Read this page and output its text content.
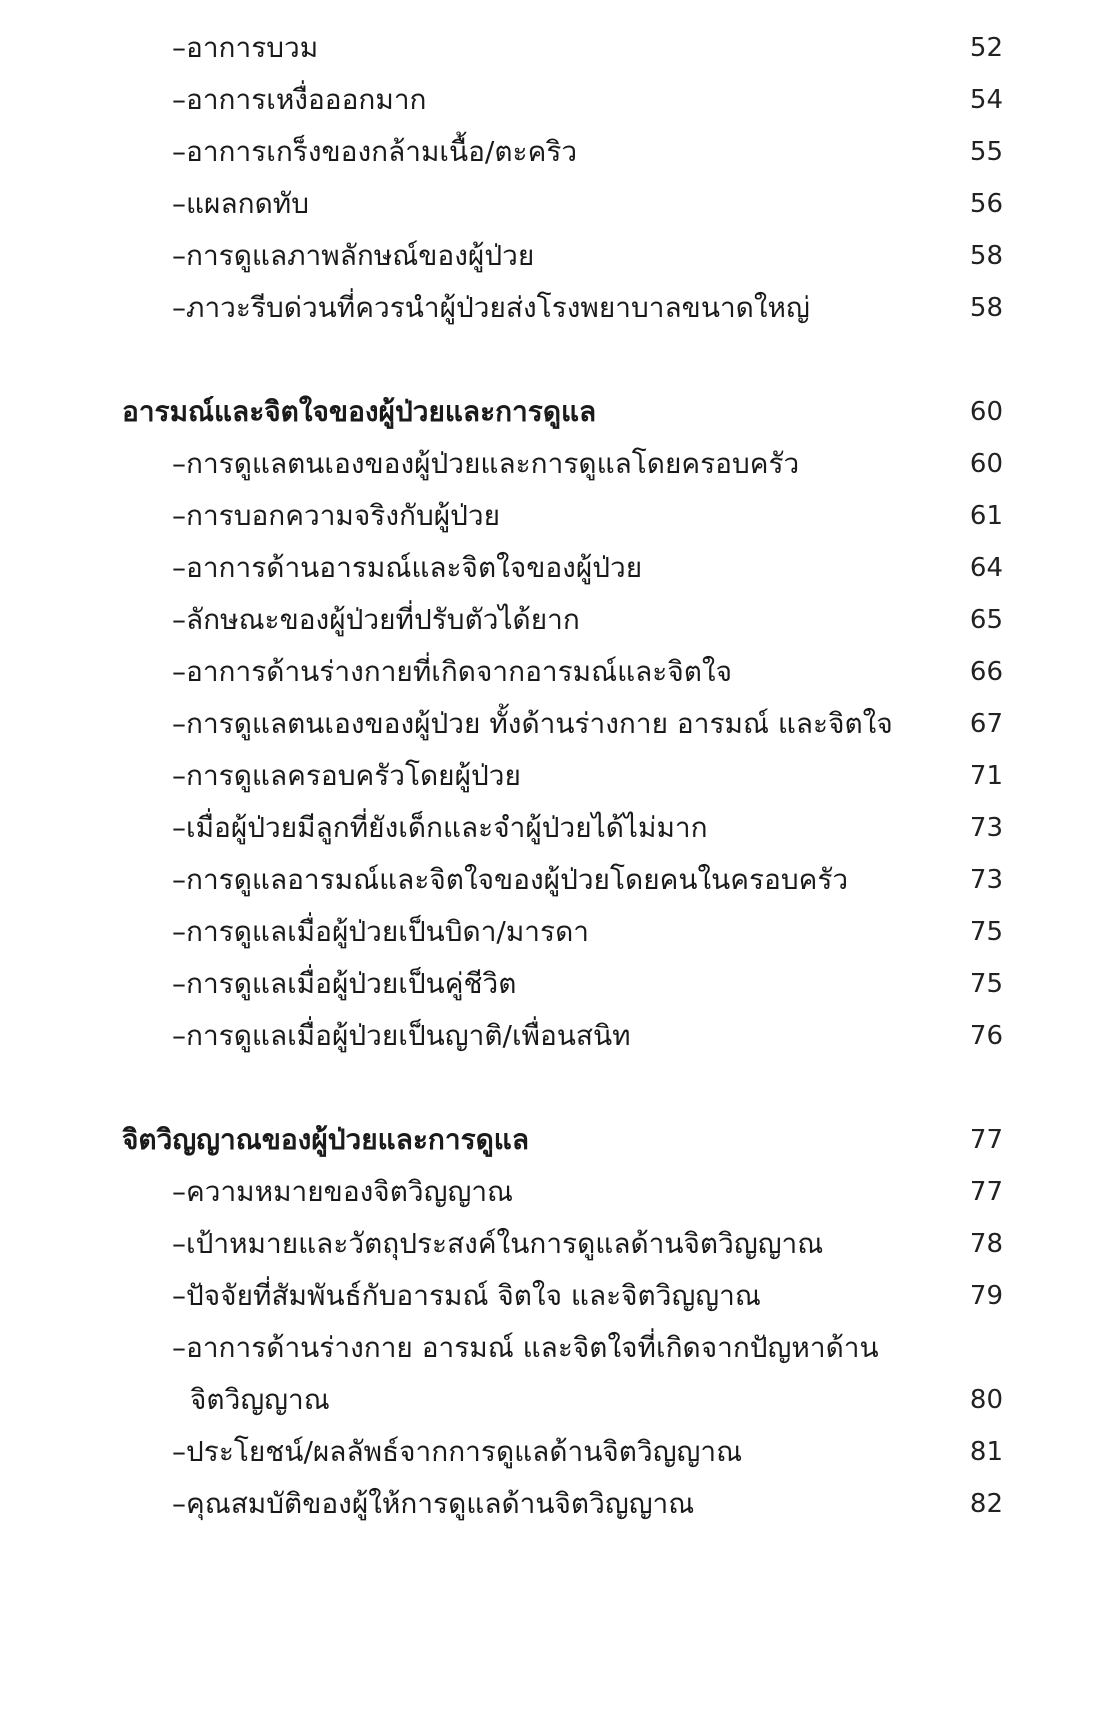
–อาการบวม	52
–อาการเหงื่อออกมาก	54
–อาการเกร็งของกล้ามเนื้อ/ตะคริว	55
–แผลกดทับ	56
–การดูแลภาพลักษณ์ของผู้ป่วย	58
–ภาวะรีบด่วนที่ควรนำผู้ป่วยส่งโรงพยาบาลขนาดใหญ่	58
อารมณ์และจิตใจของผู้ป่วยและการดูแล	60
–การดูแลตนเองของผู้ป่วยและการดูแลโดยครอบครัว	60
–การบอกความจริงกับผู้ป่วย	61
–อาการด้านอารมณ์และจิตใจของผู้ป่วย	64
–ลักษณะของผู้ป่วยที่ปรับตัวได้ยาก	65
–อาการด้านร่างกายที่เกิดจากอารมณ์และจิตใจ	66
–การดูแลตนเองของผู้ป่วย ทั้งด้านร่างกาย อารมณ์ และจิตใจ	67
–การดูแลครอบครัวโดยผู้ป่วย	71
–เมื่อผู้ป่วยมีลูกที่ยังเด็กและจำผู้ป่วยได้ไม่มาก	73
–การดูแลอารมณ์และจิตใจของผู้ป่วยโดยคนในครอบครัว	73
–การดูแลเมื่อผู้ป่วยเป็นบิดา/มารดา	75
–การดูแลเมื่อผู้ป่วยเป็นคู่ชีวิต	75
–การดูแลเมื่อผู้ป่วยเป็นญาติ/เพื่อนสนิท	76
จิตวิญญาณของผู้ป่วยและการดูแล	77
–ความหมายของจิตวิญญาณ	77
–เป้าหมายและวัตถุประสงค์ในการดูแลด้านจิตวิญญาณ	78
–ปัจจัยที่สัมพันธ์กับอารมณ์ จิตใจ และจิตวิญญาณ	79
–อาการด้านร่างกาย อารมณ์ และจิตใจที่เกิดจากปัญหาด้าน
จิตวิญญาณ	80
–ประโยชน์/ผลลัพธ์จากการดูแลด้านจิตวิญญาณ	81
–คุณสมบัติของผู้ให้การดูแลด้านจิตวิญญาณ	82
